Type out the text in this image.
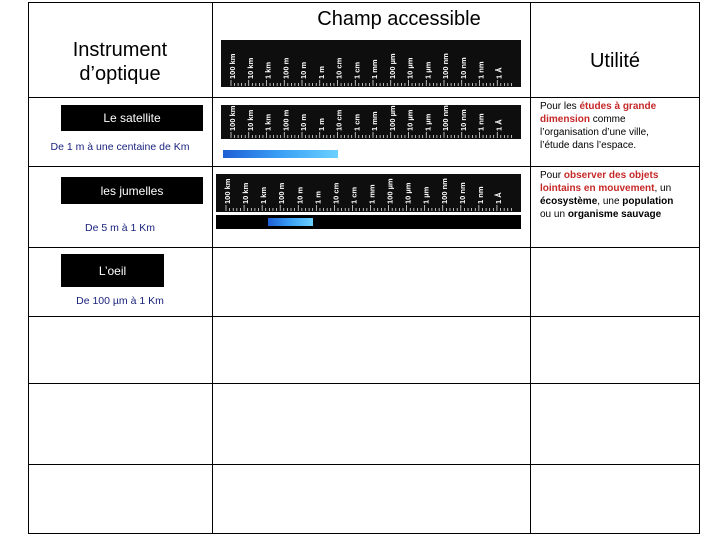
Champ accessible
Instrument
d’optique
Utilité
100 km 10 km 1 km 100 m 10 m 1 m 10 cm 1 cm 1 mm 100 µm 10 µm 1 µm 100 nm 10 nm 1 nm 1 Å
Le satellite
De 1 m à une centaine de Km
100 km 10 km 1 km 100 m 10 m 1 m 10 cm 1 cm 1 mm 100 µm 10 µm 1 µm 100 nm 10 nm 1 nm 1 Å
les jumelles
De 5 m à 1 Km
100 km 10 km 1 km 100 m 10 m 1 m 10 cm 1 cm 1 mm 100 µm 10 µm 1 µm 100 nm 10 nm 1 nm 1 Å
L’oeil
De 100 µm à 1 Km
Pour les études à grande dimension comme l’organisation d’une ville, l’étude dans l’espace.
Pour observer des objets lointains en mouvement, un écosystème, une population ou un organisme sauvage
